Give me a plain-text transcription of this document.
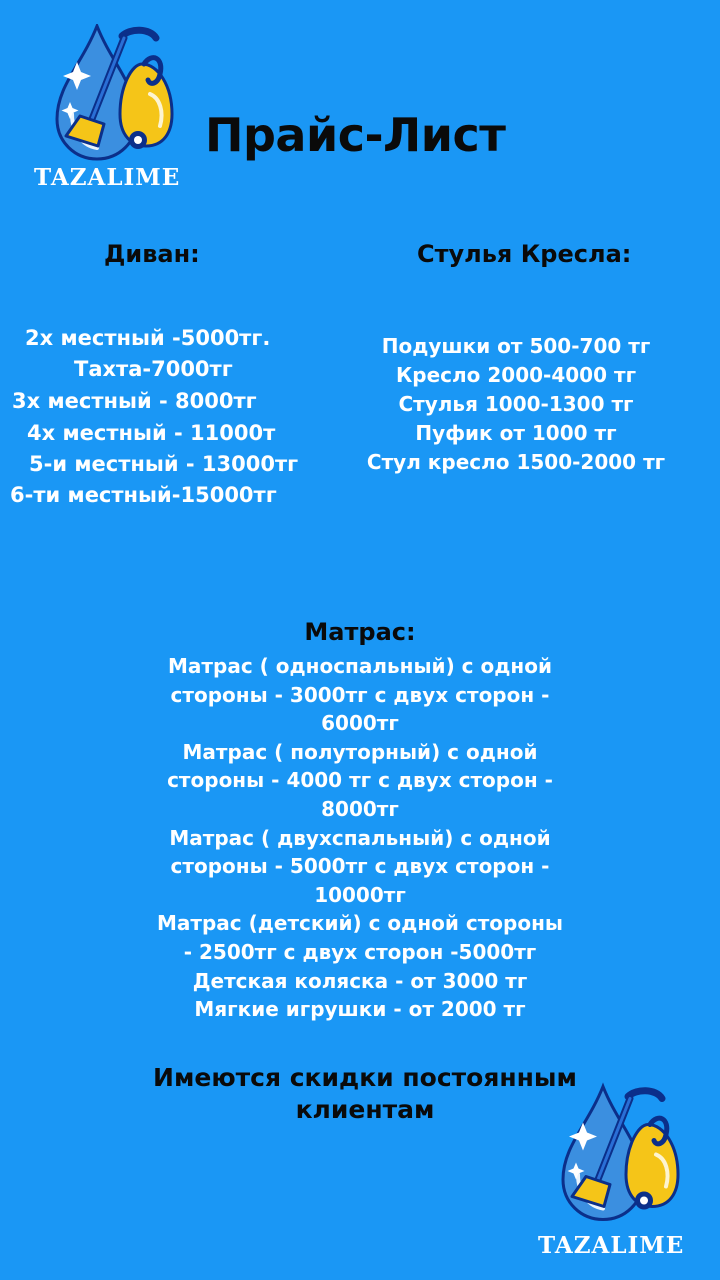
TAZALIME
Прайс-Лист
Диван:
2х местный -5000тг.
Тахта-7000тг
3х местный - 8000тг
4х местный - 11000т
5-и местный - 13000тг
6-ти местный-15000тг
Стулья Кресла:
Подушки от 500-700 тг
Кресло 2000-4000 тг
Стулья 1000-1300 тг
Пуфик от 1000 тг
Стул кресло 1500-2000 тг
Матрас:
Матрас ( односпальный) с одной стороны - 3000тг с двух сторон - 6000тг
Матрас ( полуторный) с одной стороны - 4000 тг с двух сторон - 8000тг
Матрас ( двухспальный) с одной стороны - 5000тг с двух сторон - 10000тг
Матрас (детский) с одной стороны - 2500тг с двух сторон -5000тг
Детская коляска - от 3000 тг
Мягкие игрушки - от 2000 тг
Имеются скидки постоянным клиентам
TAZALIME
